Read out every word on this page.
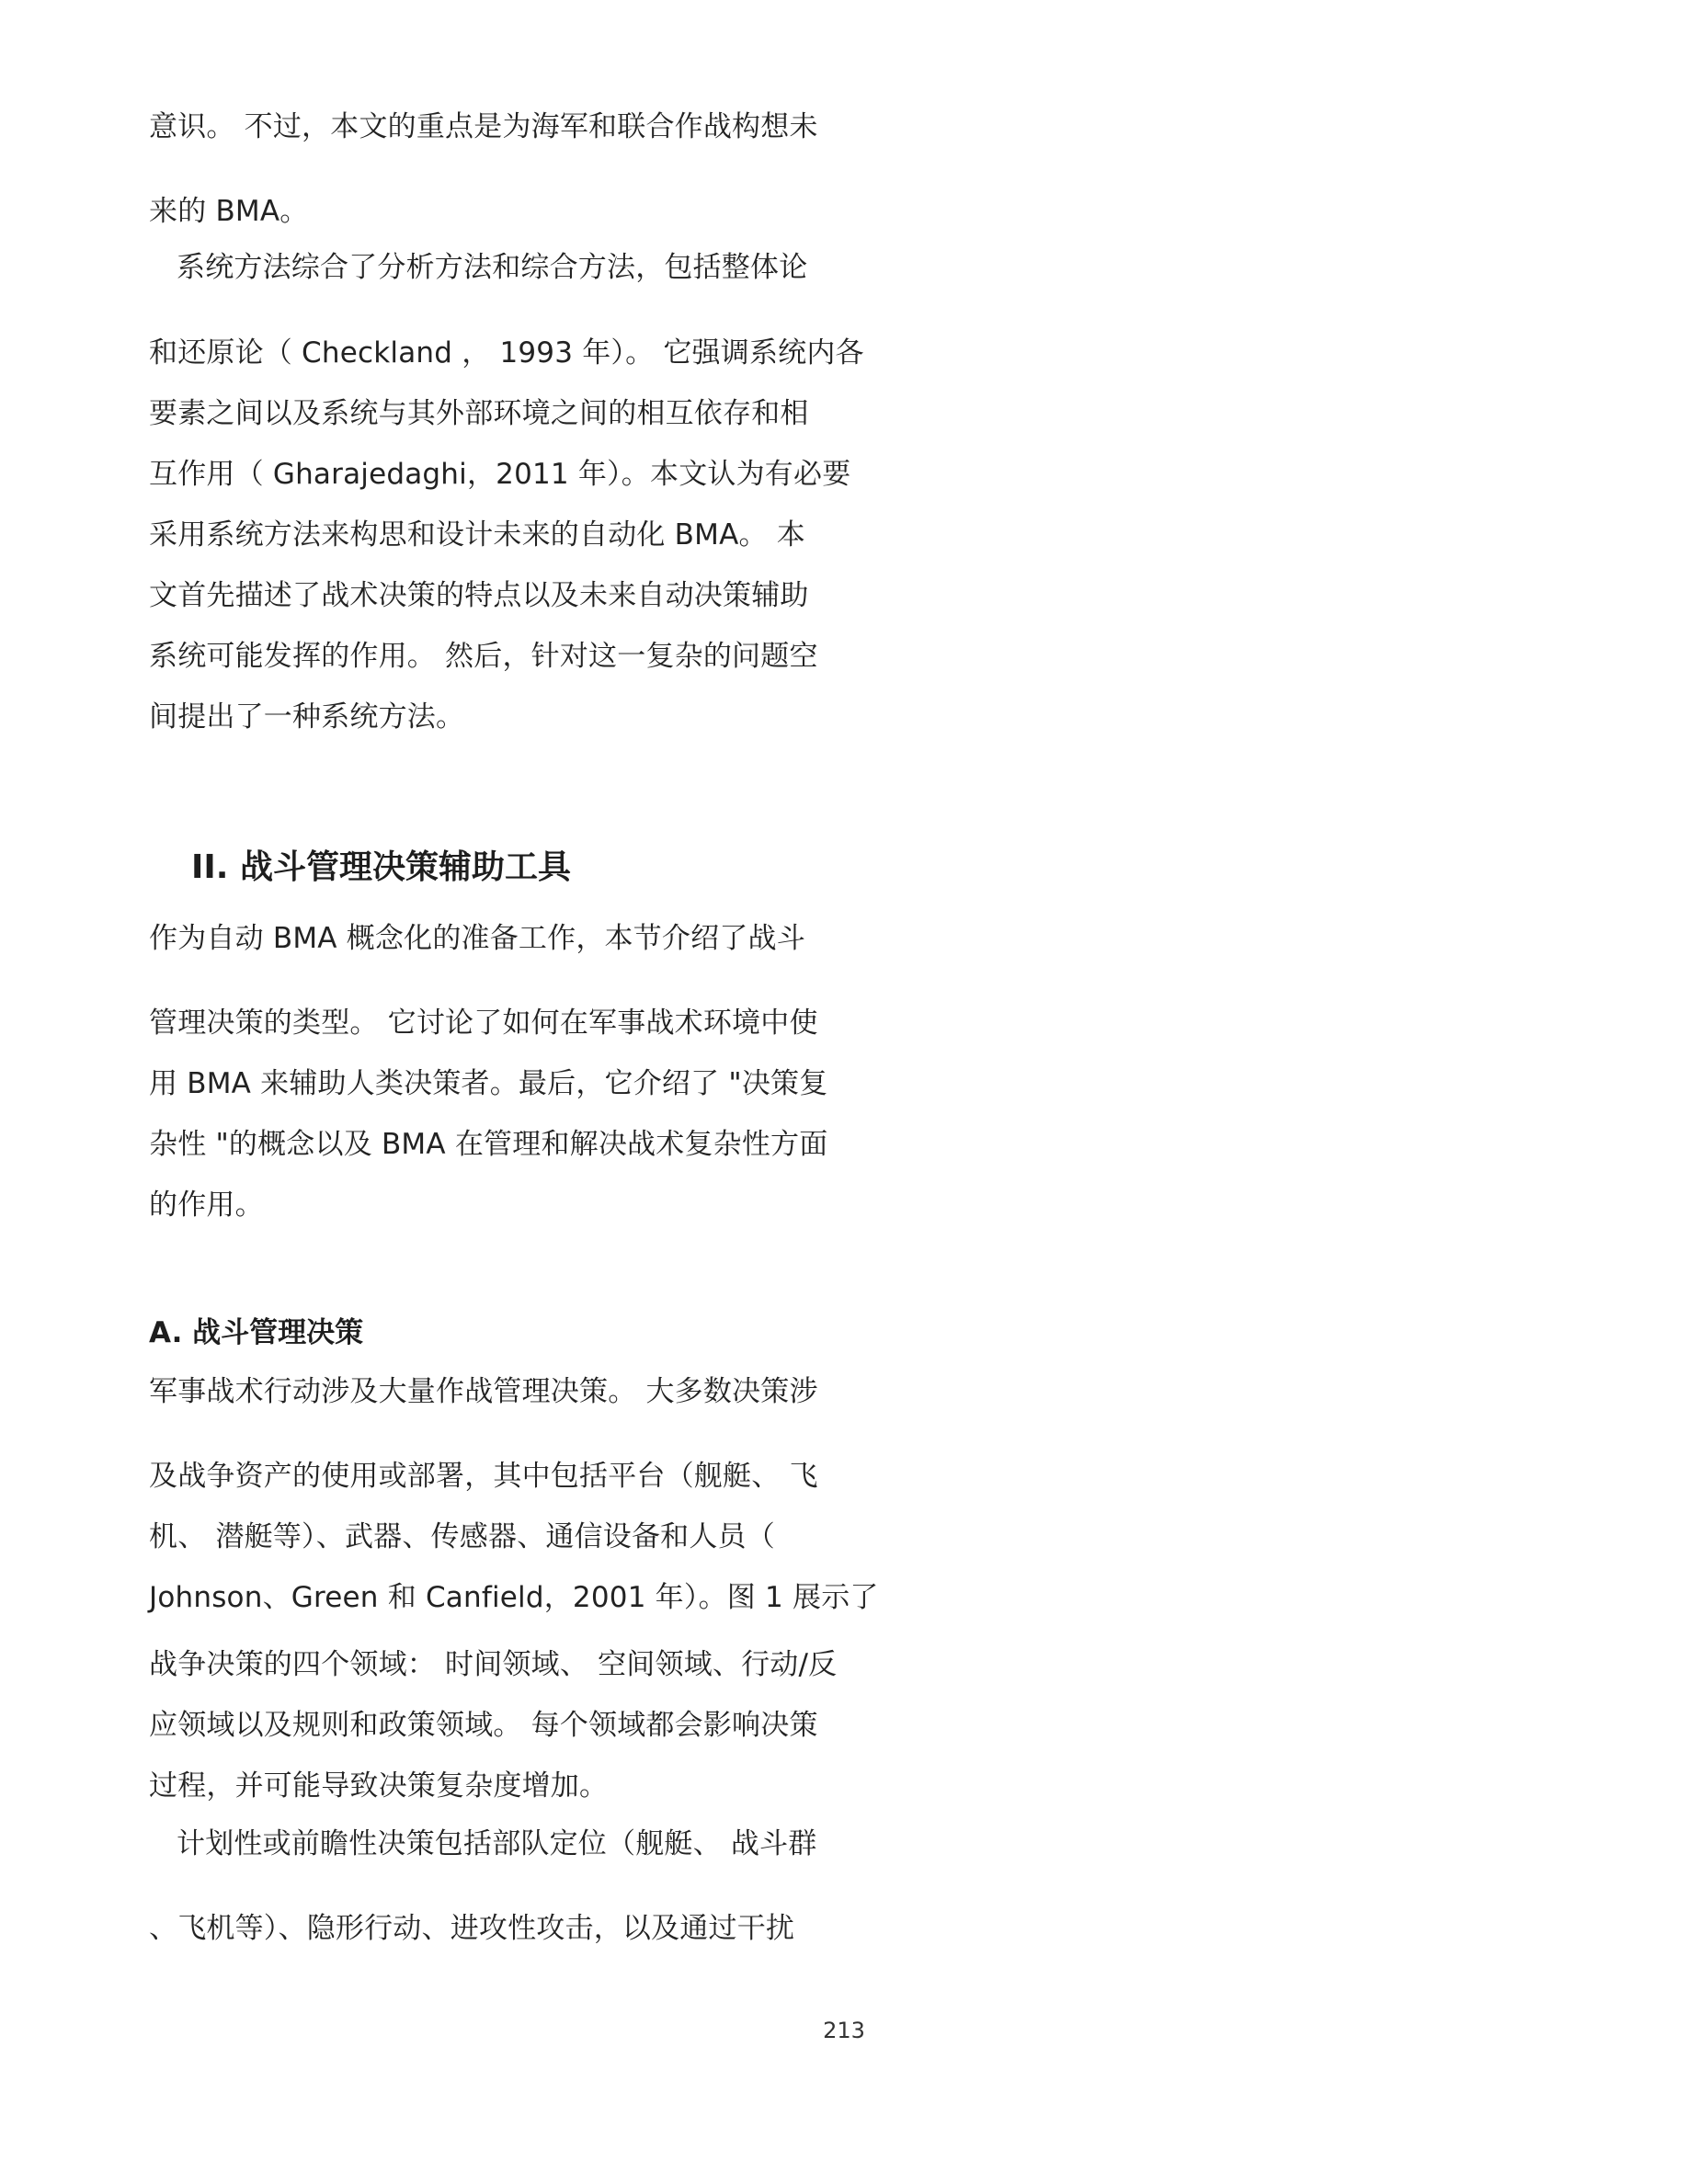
意识。 不过，本文的重点是为海军和联合作战构想未
来的 BMA。
系统方法综合了分析方法和综合方法，包括整体论
和还原论（ Checkland ， 1993 年）。 它强调系统内各
要素之间以及系统与其外部环境之间的相互依存和相
互作用（ Gharajedaghi，2011 年）。本文认为有必要
采用系统方法来构思和设计未来的自动化 BMA。 本
文首先描述了战术决策的特点以及未来自动决策辅助
系统可能发挥的作用。 然后，针对这一复杂的问题空
间提出了一种系统方法。
II. 战斗管理决策辅助工具
作为自动 BMA 概念化的准备工作，本节介绍了战斗
管理决策的类型。 它讨论了如何在军事战术环境中使
用 BMA 来辅助人类决策者。最后，它介绍了 "决策复
杂性 "的概念以及 BMA 在管理和解决战术复杂性方面
的作用。
A. 战斗管理决策
军事战术行动涉及大量作战管理决策。 大多数决策涉
及战争资产的使用或部署，其中包括平台（舰艇、 飞
机、 潜艇等）、武器、传感器、通信设备和人员（
Johnson、Green 和 Canfield，2001 年）。图 1 展示了
战争决策的四个领域： 时间领域、 空间领域、行动/反
应领域以及规则和政策领域。 每个领域都会影响决策
过程，并可能导致决策复杂度增加。
计划性或前瞻性决策包括部队定位（舰艇、 战斗群
、飞机等）、隐形行动、进攻性攻击，以及通过干扰
213
